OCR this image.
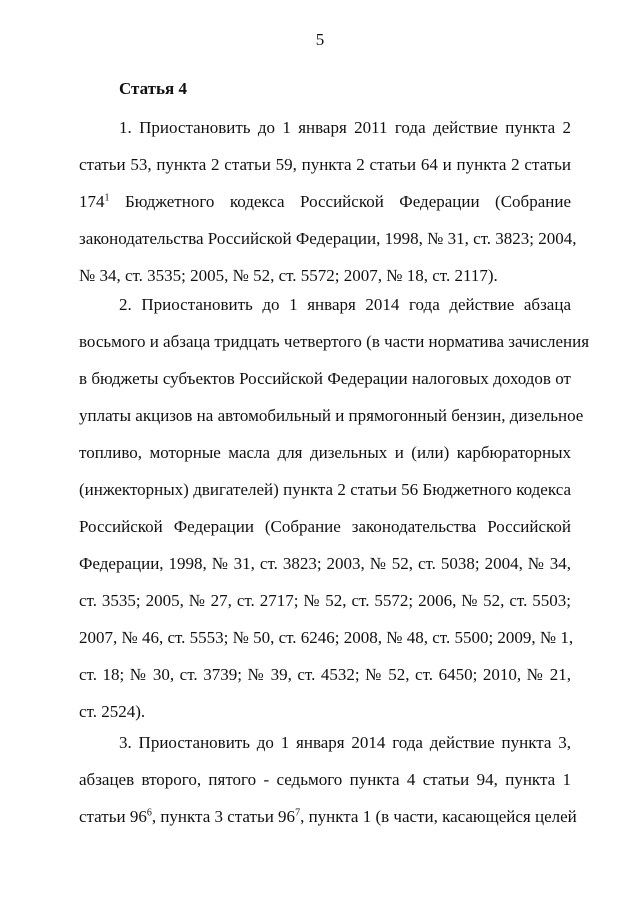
5
Статья 4
1. Приостановить до 1 января 2011 года действие пункта 2
статьи 53, пункта 2 статьи 59, пункта 2 статьи 64 и пункта 2 статьи
$174^1$ Бюджетного кодекса Российской Федерации (Собрание
законодательства Российской Федерации, 1998, № 31, ст. 3823; 2004,
№ 34, ст. 3535; 2005, № 52, ст. 5572; 2007, № 18, ст. 2117).
2. Приостановить до 1 января 2014 года действие абзаца
восьмого и абзаца тридцать четвертого (в части норматива зачисления
в бюджеты субъектов Российской Федерации налоговых доходов от
уплаты акцизов на автомобильный и прямогонный бензин, дизельное
топливо, моторные масла для дизельных и (или) карбюраторных
(инжекторных) двигателей) пункта 2 статьи 56 Бюджетного кодекса
Российской Федерации (Собрание законодательства Российской
Федерации, 1998, № 31, ст. 3823; 2003, № 52, ст. 5038; 2004, № 34,
ст. 3535; 2005, № 27, ст. 2717; № 52, ст. 5572; 2006, № 52, ст. 5503;
2007, № 46, ст. 5553; № 50, ст. 6246; 2008, № 48, ст. 5500; 2009, № 1,
ст. 18; № 30, ст. 3739; № 39, ст. 4532; № 52, ст. 6450; 2010, № 21,
ст. 2524).
3. Приостановить до 1 января 2014 года действие пункта 3,
абзацев второго, пятого - седьмого пункта 4 статьи 94, пункта 1
статьи $96^6$, пункта 3 статьи $96^7$, пункта 1 (в части, касающейся целей
